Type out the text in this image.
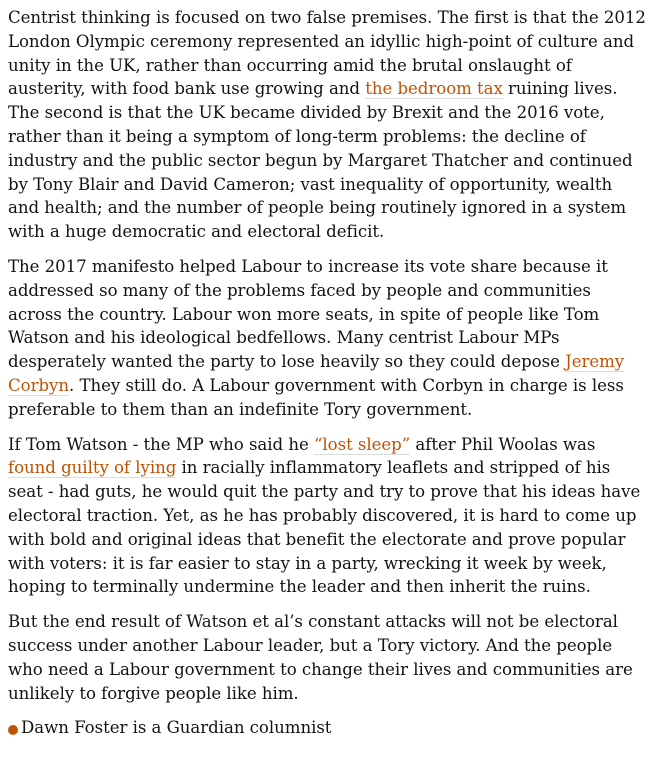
Centrist thinking is focused on two false premises. The first is that the 2012 London Olympic ceremony represented an idyllic high-point of culture and unity in the UK, rather than occurring amid the brutal onslaught of austerity, with food bank use growing and the bedroom tax ruining lives. The second is that the UK became divided by Brexit and the 2016 vote, rather than it being a symptom of long-term problems: the decline of industry and the public sector begun by Margaret Thatcher and continued by Tony Blair and David Cameron; vast inequality of opportunity, wealth and health; and the number of people being routinely ignored in a system with a huge democratic and electoral deficit.

The 2017 manifesto helped Labour to increase its vote share because it addressed so many of the problems faced by people and communities across the country. Labour won more seats, in spite of people like Tom Watson and his ideological bedfellows. Many centrist Labour MPs desperately wanted the party to lose heavily so they could depose Jeremy Corbyn. They still do. A Labour government with Corbyn in charge is less preferable to them than an indefinite Tory government.

If Tom Watson - the MP who said he “lost sleep” after Phil Woolas was found guilty of lying in racially inflammatory leaflets and stripped of his seat - had guts, he would quit the party and try to prove that his ideas have electoral traction. Yet, as he has probably discovered, it is hard to come up with bold and original ideas that benefit the electorate and prove popular with voters: it is far easier to stay in a party, wrecking it week by week, hoping to terminally undermine the leader and then inherit the ruins.

But the end result of Watson et al’s constant attacks will not be electoral success under another Labour leader, but a Tory victory. And the people who need a Labour government to change their lives and communities are unlikely to forgive people like him.

Dawn Foster is a Guardian columnist
